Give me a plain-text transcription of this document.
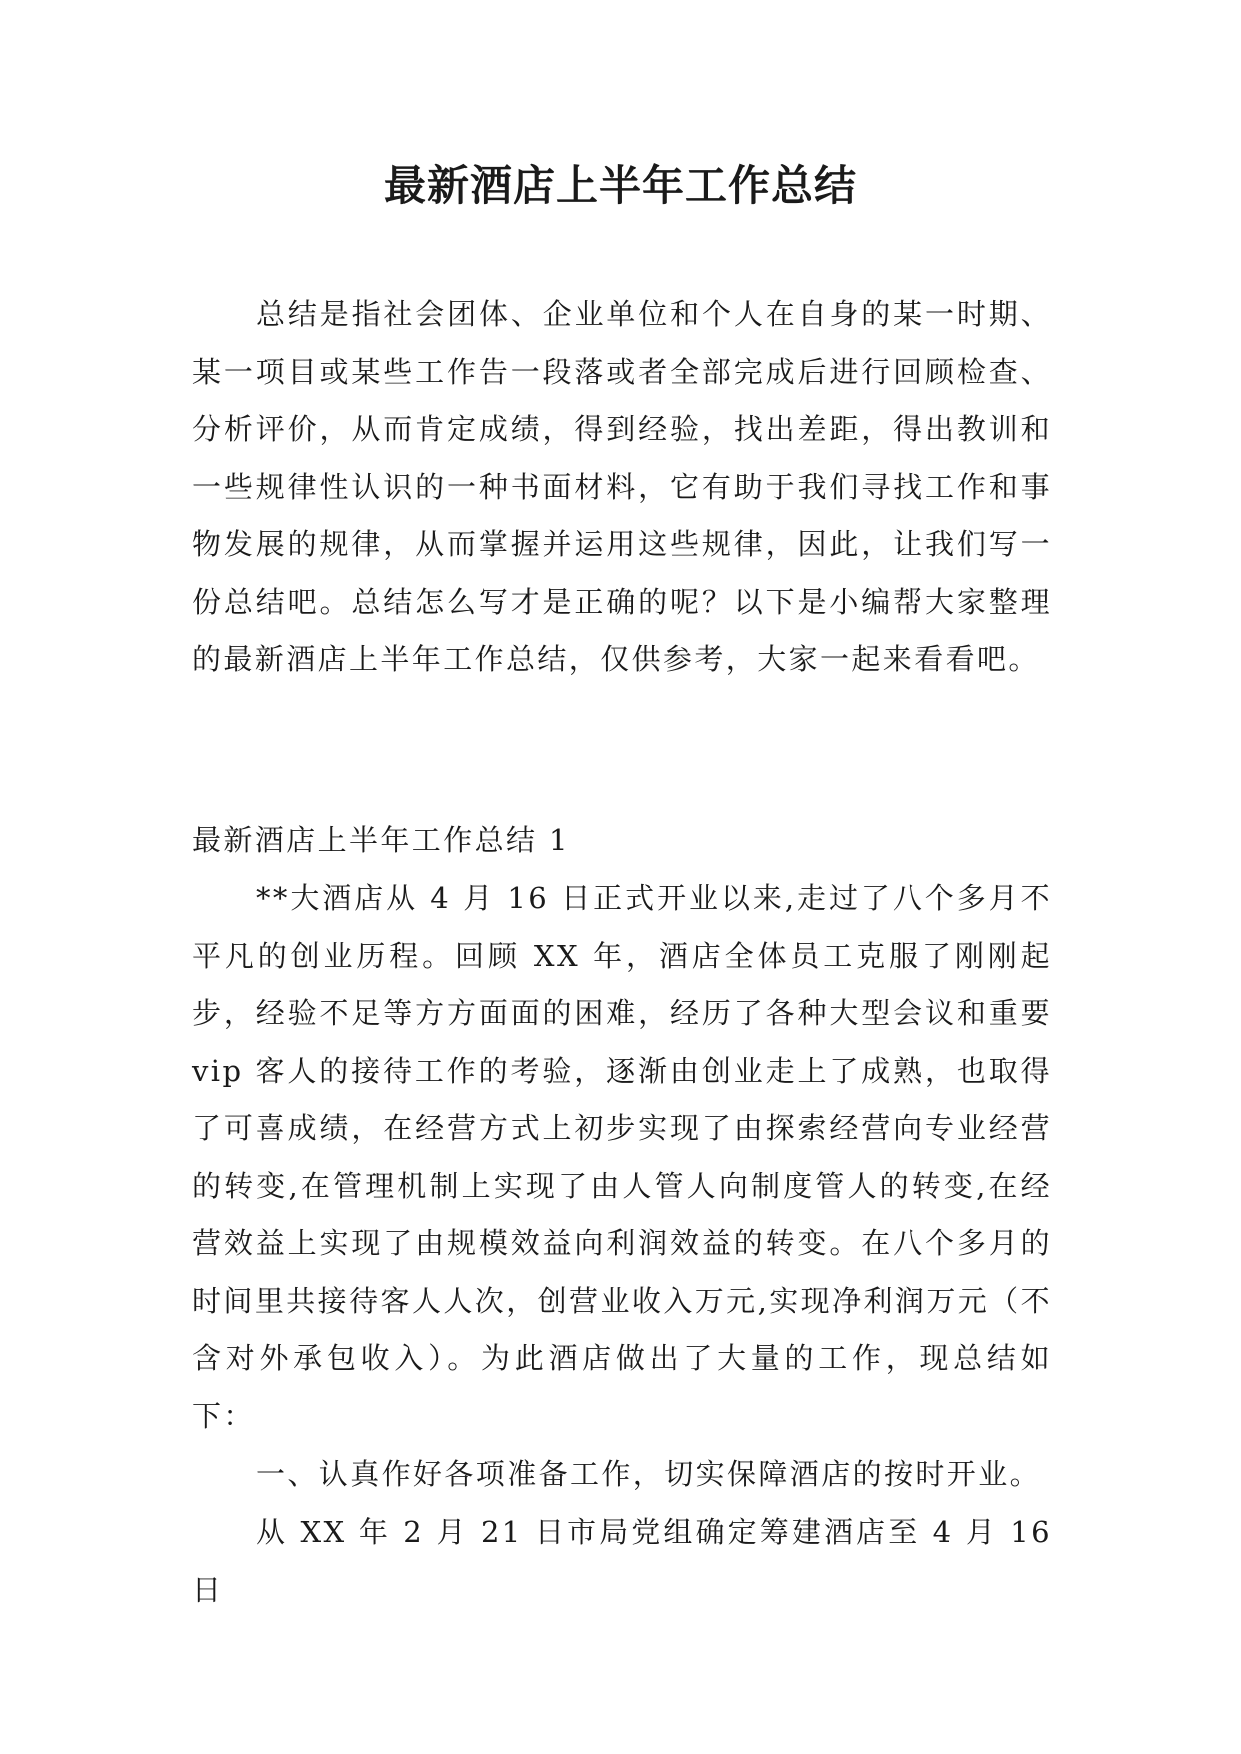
最新酒店上半年工作总结

总结是指社会团体、企业单位和个人在自身的某一时期、某一项目或某些工作告一段落或者全部完成后进行回顾检查、分析评价，从而肯定成绩，得到经验，找出差距，得出教训和一些规律性认识的一种书面材料，它有助于我们寻找工作和事物发展的规律，从而掌握并运用这些规律，因此，让我们写一份总结吧。总结怎么写才是正确的呢？以下是小编帮大家整理的最新酒店上半年工作总结，仅供参考，大家一起来看看吧。

最新酒店上半年工作总结 1

**大酒店从 4 月 16 日正式开业以来,走过了八个多月不平凡的创业历程。回顾 XX 年，酒店全体员工克服了刚刚起步，经验不足等方方面面的困难，经历了各种大型会议和重要 vip 客人的接待工作的考验，逐渐由创业走上了成熟，也取得了可喜成绩，在经营方式上初步实现了由探索经营向专业经营的转变,在管理机制上实现了由人管人向制度管人的转变,在经营效益上实现了由规模效益向利润效益的转变。在八个多月的时间里共接待客人人次，创营业收入万元,实现净利润万元（不含对外承包收入）。为此酒店做出了大量的工作，现总结如下：

一、认真作好各项准备工作，切实保障酒店的按时开业。

从 XX 年 2 月 21 日市局党组确定筹建酒店至 4 月 16 日
